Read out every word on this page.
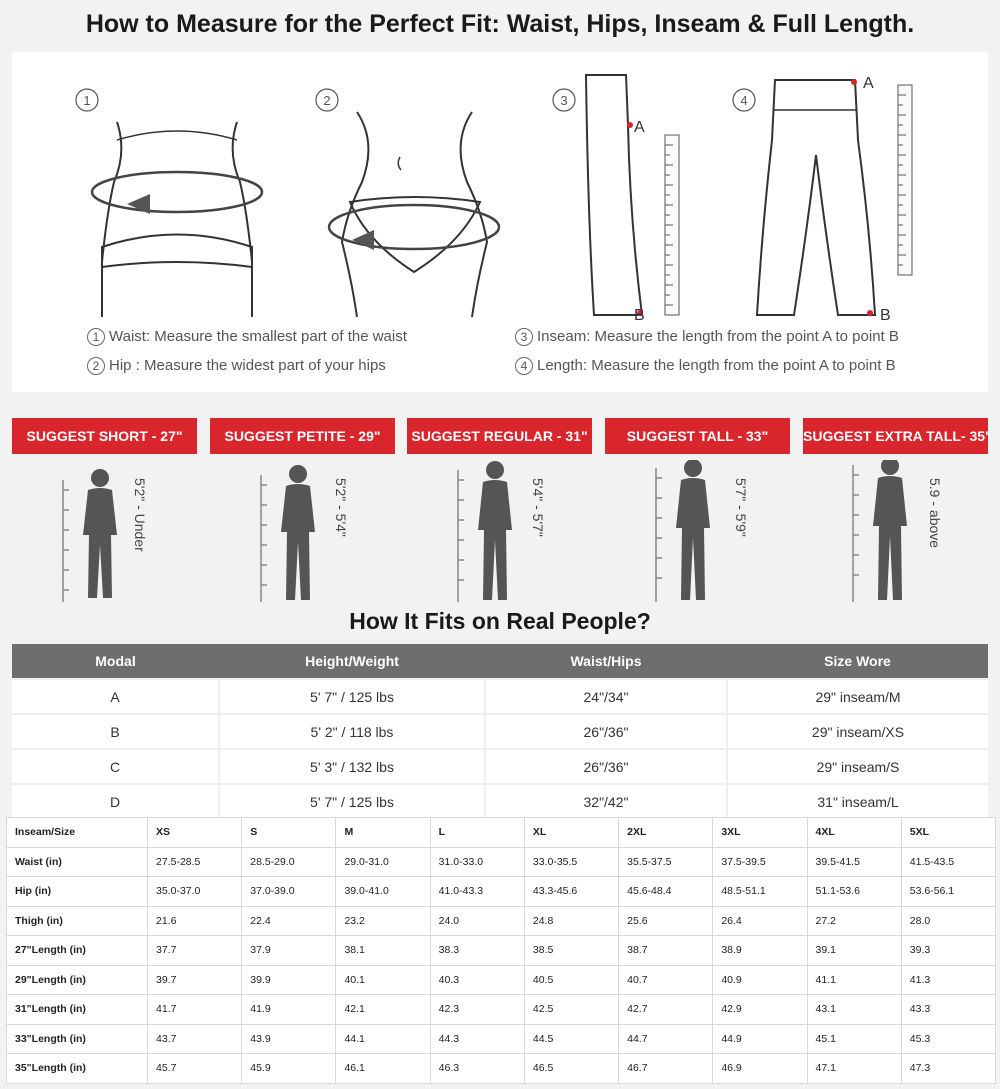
How to Measure for the Perfect Fit: Waist, Hips, Inseam & Full Length.
1	2	3
A
B
4
A
B
1 Waist: Measure the smallest part of the waist
2 Hip : Measure the widest part of your hips
3 Inseam: Measure the length from the point A to point B
4 Length: Measure the length from the point A to point B
SUGGEST SHORT - 27"	SUGGEST PETITE - 29"	SUGGEST REGULAR - 31"	SUGGEST TALL - 33"	SUGGEST EXTRA TALL- 35"
5'2" - Under	5'2" - 5'4"	5'4" - 5'7"	5'7" - 5'9"	5.9 - above
How It Fits on Real People?
Modal	Height/Weight	Waist/Hips	Size Wore
A	5' 7" / 125 lbs	24"/34"	29" inseam/M
B	5' 2" / 118 lbs	26"/36"	29" inseam/XS
C	5' 3" / 132 lbs	26"/36"	29" inseam/S
D	5' 7" / 125 lbs	32"/42"	31" inseam/L
Inseam/Size	XS	S	M	L	XL	2XL	3XL	4XL	5XL
Waist (in)	27.5-28.5	28.5-29.0	29.0-31.0	31.0-33.0	33.0-35.5	35.5-37.5	37.5-39.5	39.5-41.5	41.5-43.5
Hip (in)	35.0-37.0	37.0-39.0	39.0-41.0	41.0-43.3	43.3-45.6	45.6-48.4	48.5-51.1	51.1-53.6	53.6-56.1
Thigh (in)	21.6	22.4	23.2	24.0	24.8	25.6	26.4	27.2	28.0
27"Length (in)	37.7	37.9	38.1	38.3	38.5	38.7	38.9	39.1	39.3
29"Length (in)	39.7	39.9	40.1	40.3	40.5	40.7	40.9	41.1	41.3
31"Length (in)	41.7	41.9	42.1	42.3	42.5	42.7	42.9	43.1	43.3
33"Length (in)	43.7	43.9	44.1	44.3	44.5	44.7	44.9	45.1	45.3
35"Length (in)	45.7	45.9	46.1	46.3	46.5	46.7	46.9	47.1	47.3
